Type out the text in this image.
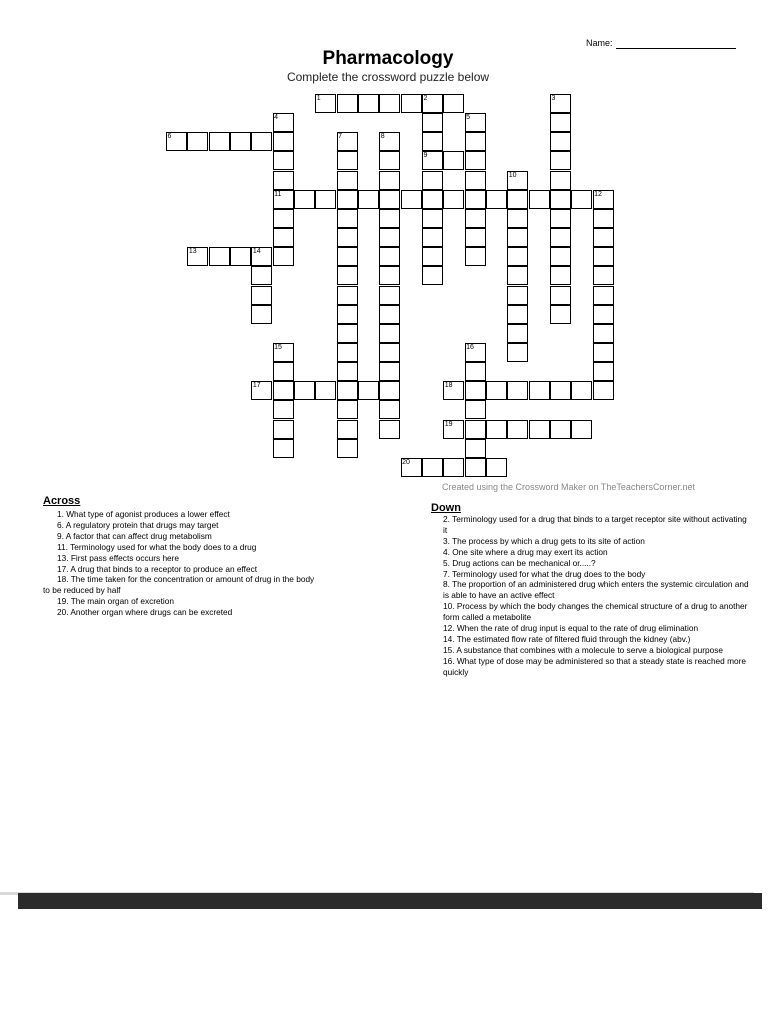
Name:
Pharmacology
Complete the crossword puzzle below
1	2	3
4	5
6	7	8
9
10
11	12
13	14
15	16
17	18
19
20
Created using the Crossword Maker on TheTeachersCorner.net
Across
1. What type of agonist produces a lower effect
6. A regulatory protein that drugs may target
9. A factor that can affect drug metabolism
11. Terminology used for what the body does to a drug
13. First pass effects occurs here
17. A drug that binds to a receptor to produce an effect
18. The time taken for the concentration or amount of drug in the body
to be reduced by half
19. The main organ of excretion
20. Another organ where drugs can be excreted
Down
2. Terminology used for a drug that binds to a target receptor site without activating it
3. The process by which a drug gets to its site of action
4. One site where a drug may exert its action
5. Drug actions can be mechanical or.....?
7. Terminology used for what the drug does to the body
8. The proportion of an administered drug which enters the systemic circulation and is able to have an active effect
10. Process by which the body changes the chemical structure of a drug to another form called a metabolite
12. When the rate of drug input is equal to the rate of drug elimination
14. The estimated flow rate of filtered fluid through the kidney (abv.)
15. A substance that combines with a molecule to serve a biological purpose
16. What type of dose may be administered so that a steady state is reached more quickly
